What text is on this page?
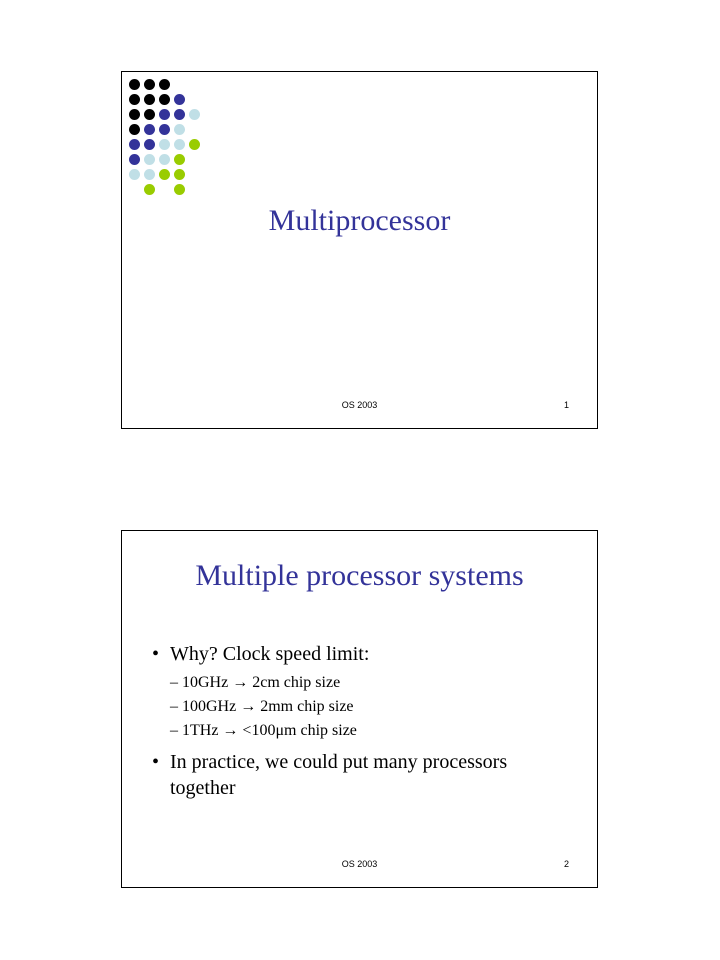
Multiprocessor
OS 2003	1
Multiple processor systems
• Why? Clock speed limit:
– 10GHz → 2cm chip size
– 100GHz → 2mm chip size
– 1THz → <100μm chip size
• In practice, we could put many processors together
OS 2003	2
